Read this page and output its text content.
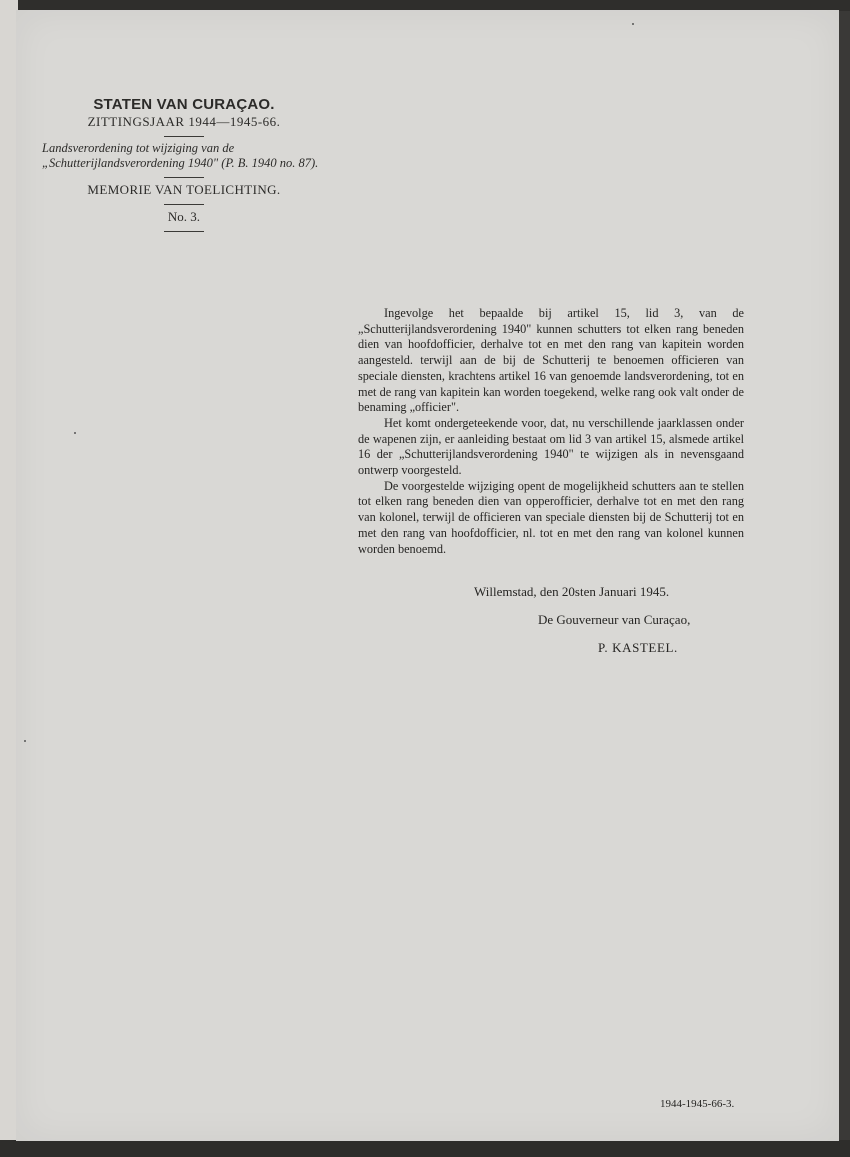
STATEN VAN CURAÇAO.

ZITTINGSJAAR 1944—1945-66.

Landsverordening tot wijziging van de „Schutterijlandsverordening 1940" (P. B. 1940 no. 87).

MEMORIE VAN TOELICHTING.

No. 3.

Ingevolge het bepaalde bij artikel 15, lid 3, van de „Schutterijlandsverordening 1940" kunnen schutters tot elken rang beneden dien van hoofdofficier, derhalve tot en met den rang van kapitein worden aangesteld. terwijl aan de bij de Schutterij te benoemen officieren van speciale diensten, krachtens artikel 16 van genoemde landsverordening, tot en met de rang van kapitein kan worden toegekend, welke rang ook valt onder de benaming „officier".

Het komt ondergeteekende voor, dat, nu verschillende jaarklassen onder de wapenen zijn, er aanleiding bestaat om lid 3 van artikel 15, alsmede artikel 16 der „Schutterijlandsverordening 1940" te wijzigen als in nevensgaand ontwerp voorgesteld.

De voorgestelde wijziging opent de mogelijkheid schutters aan te stellen tot elken rang beneden dien van opperofficier, derhalve tot en met den rang van kolonel, terwijl de officieren van speciale diensten bij de Schutterij tot en met den rang van hoofdofficier, nl. tot en met den rang van kolonel kunnen worden benoemd.

Willemstad, den 20sten Januari 1945.
De Gouverneur van Curaçao,
P. KASTEEL.
1944-1945-66-3.
